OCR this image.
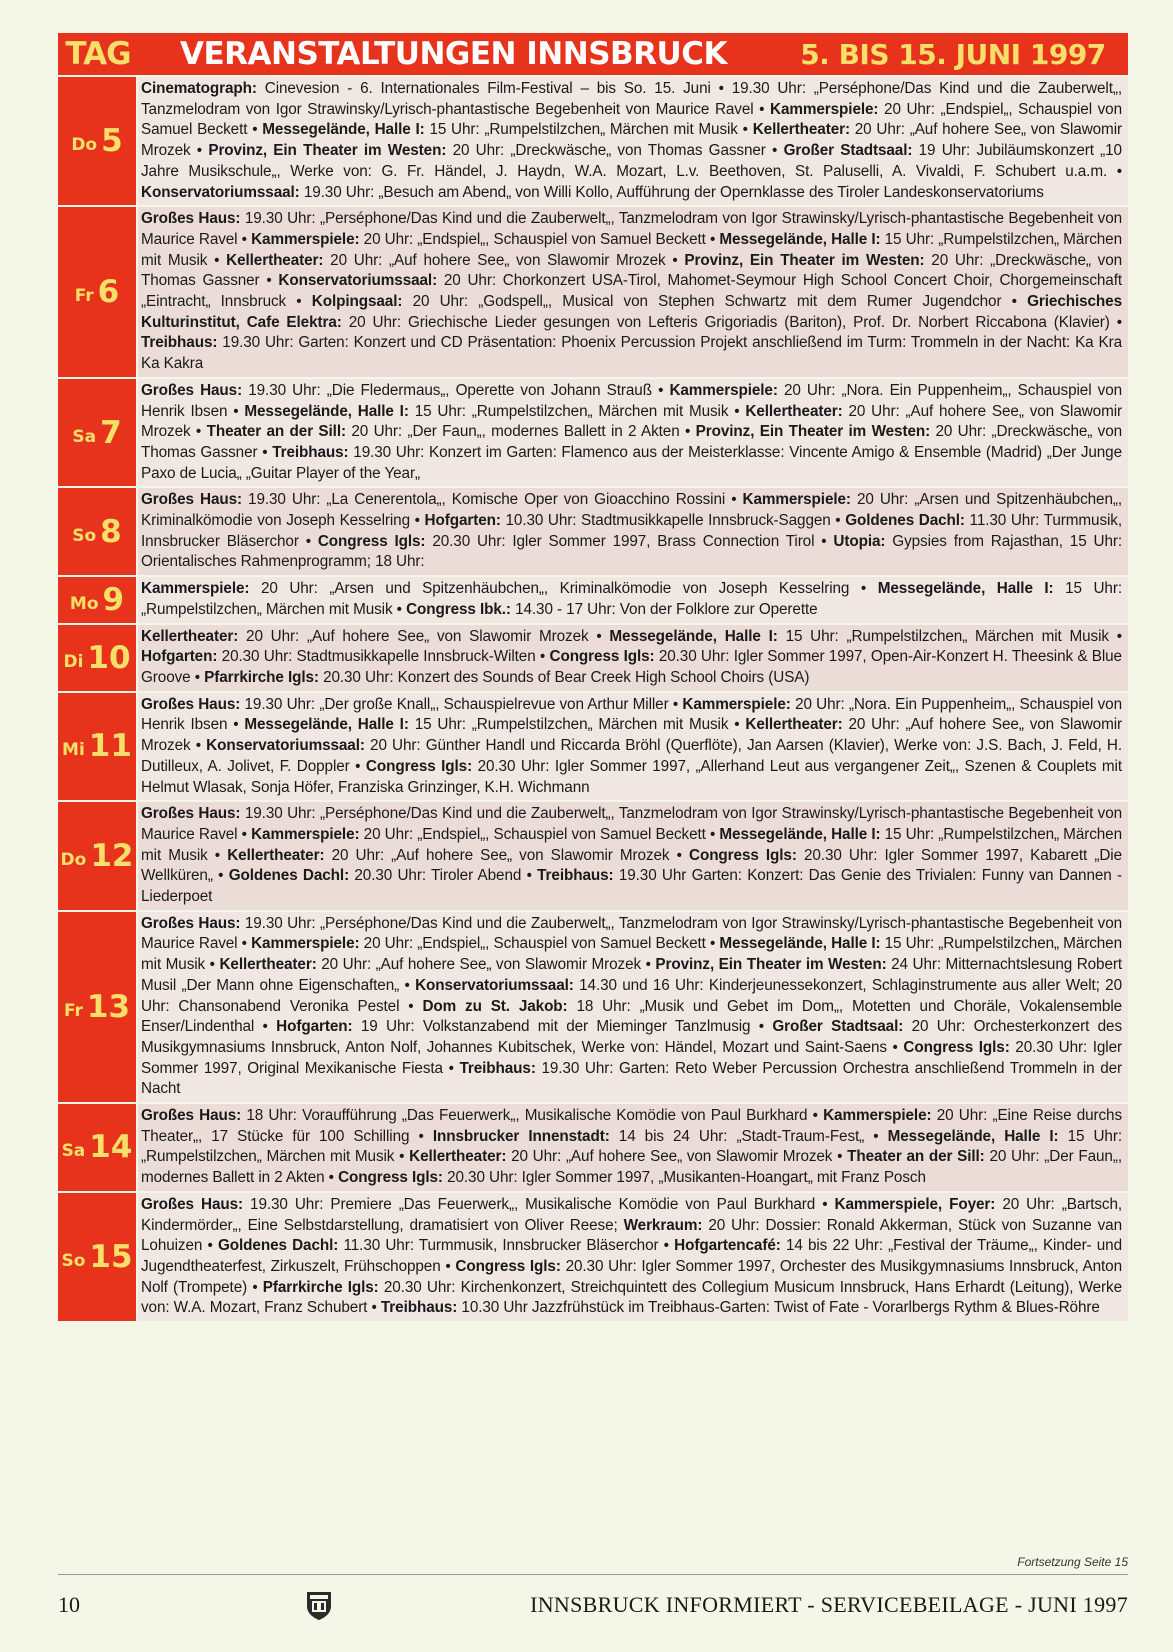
TAG	VERANSTALTUNGEN INNSBRUCK	5. BIS 15. JUNI 1997
Do 5
Cinematograph: Cinevesion - 6. Internationales Film-Festival – bis So. 15. Juni • 19.30 Uhr: „Perséphone/Das Kind und die Zauberwelt„, Tanzmelodram von Igor Strawinsky/Lyrisch-phantastische Begebenheit von Maurice Ravel • Kammerspiele: 20 Uhr: „Endspiel„, Schauspiel von Samuel Beckett • Messegelände, Halle I: 15 Uhr: „Rumpelstilzchen„ Märchen mit Musik • Kellertheater: 20 Uhr: „Auf hohere See„ von Slawomir Mrozek • Provinz, Ein Theater im Westen: 20 Uhr: „Dreckwäsche„ von Thomas Gassner • Großer Stadtsaal: 19 Uhr: Jubiläumskonzert „10 Jahre Musikschule„, Werke von: G. Fr. Händel, J. Haydn, W.A. Mozart, L.v. Beethoven, St. Paluselli, A. Vivaldi, F. Schubert u.a.m. • Konservatoriumssaal: 19.30 Uhr: „Besuch am Abend„ von Willi Kollo, Aufführung der Opernklasse des Tiroler Landeskonservatoriums
Fr 6
Großes Haus: 19.30 Uhr: „Perséphone/Das Kind und die Zauberwelt„, Tanzmelodram von Igor Strawinsky/Lyrisch-phantastische Begebenheit von Maurice Ravel • Kammerspiele: 20 Uhr: „Endspiel„, Schauspiel von Samuel Beckett • Messegelände, Halle I: 15 Uhr: „Rumpelstilzchen„ Märchen mit Musik • Kellertheater: 20 Uhr: „Auf hohere See„ von Slawomir Mrozek • Provinz, Ein Theater im Westen: 20 Uhr: „Dreckwäsche„ von Thomas Gassner • Konservatoriumssaal: 20 Uhr: Chorkonzert USA-Tirol, Mahomet-Seymour High School Concert Choir, Chorgemeinschaft „Eintracht„ Innsbruck • Kolpingsaal: 20 Uhr: „Godspell„, Musical von Stephen Schwartz mit dem Rumer Jugendchor • Griechisches Kulturinstitut, Cafe Elektra: 20 Uhr: Griechische Lieder gesungen von Lefteris Grigoriadis (Bariton), Prof. Dr. Norbert Riccabona (Klavier) • Treibhaus: 19.30 Uhr: Garten: Konzert und CD Präsentation: Phoenix Percussion Projekt anschließend im Turm: Trommeln in der Nacht: Ka Kra Ka Kakra
Sa 7
Großes Haus: 19.30 Uhr: „Die Fledermaus„, Operette von Johann Strauß • Kammerspiele: 20 Uhr: „Nora. Ein Puppenheim„, Schauspiel von Henrik Ibsen • Messegelände, Halle I: 15 Uhr: „Rumpelstilzchen„ Märchen mit Musik • Kellertheater: 20 Uhr: „Auf hohere See„ von Slawomir Mrozek • Theater an der Sill: 20 Uhr: „Der Faun„, modernes Ballett in 2 Akten • Provinz, Ein Theater im Westen: 20 Uhr: „Dreckwäsche„ von Thomas Gassner • Treibhaus: 19.30 Uhr: Konzert im Garten: Flamenco aus der Meisterklasse: Vincente Amigo & Ensemble (Madrid) „Der Junge Paxo de Lucia„ „Guitar Player of the Year„
So 8
Großes Haus: 19.30 Uhr: „La Cenerentola„, Komische Oper von Gioacchino Rossini • Kammerspiele: 20 Uhr: „Arsen und Spitzenhäubchen„, Kriminalkömodie von Joseph Kesselring • Hofgarten: 10.30 Uhr: Stadtmusikkapelle Innsbruck-Saggen • Goldenes Dachl: 11.30 Uhr: Turmmusik, Innsbrucker Bläserchor • Congress Igls: 20.30 Uhr: Igler Sommer 1997, Brass Connection Tirol • Utopia: Gypsies from Rajasthan, 15 Uhr: Orientalisches Rahmenprogramm; 18 Uhr:
Mo 9 Kammerspiele: 20 Uhr: „Arsen und Spitzenhäubchen„, Kriminalkömodie von Joseph Kesselring • Messegelände, Halle I: 15 Uhr: „Rumpelstilzchen„ Märchen mit Musik • Congress Ibk.: 14.30 - 17 Uhr: Von der Folklore zur Operette
Di 10
Kellertheater: 20 Uhr: „Auf hohere See„ von Slawomir Mrozek • Messegelände, Halle I: 15 Uhr: „Rumpelstilzchen„ Märchen mit Musik • Hofgarten: 20.30 Uhr: Stadtmusikkapelle Innsbruck-Wilten • Congress Igls: 20.30 Uhr: Igler Sommer 1997, Open-Air-Konzert H. Theesink & Blue Groove • Pfarrkirche Igls: 20.30 Uhr: Konzert des Sounds of Bear Creek High School Choirs (USA)
Mi 11
Großes Haus: 19.30 Uhr: „Der große Knall„, Schauspielrevue von Arthur Miller • Kammerspiele: 20 Uhr: „Nora. Ein Puppenheim„, Schauspiel von Henrik Ibsen • Messegelände, Halle I: 15 Uhr: „Rumpelstilzchen„ Märchen mit Musik • Kellertheater: 20 Uhr: „Auf hohere See„ von Slawomir Mrozek • Konservatoriumssaal: 20 Uhr: Günther Handl und Riccarda Bröhl (Querflöte), Jan Aarsen (Klavier), Werke von: J.S. Bach, J. Feld, H. Dutilleux, A. Jolivet, F. Doppler • Congress Igls: 20.30 Uhr: Igler Sommer 1997, „Allerhand Leut aus vergangener Zeit„, Szenen & Couplets mit Helmut Wlasak, Sonja Höfer, Franziska Grinzinger, K.H. Wichmann
Do 12
Großes Haus: 19.30 Uhr: „Perséphone/Das Kind und die Zauberwelt„, Tanzmelodram von Igor Strawinsky/Lyrisch-phantastische Begebenheit von Maurice Ravel • Kammerspiele: 20 Uhr: „Endspiel„, Schauspiel von Samuel Beckett • Messegelände, Halle I: 15 Uhr: „Rumpelstilzchen„ Märchen mit Musik • Kellertheater: 20 Uhr: „Auf hohere See„ von Slawomir Mrozek • Congress Igls: 20.30 Uhr: Igler Sommer 1997, Kabarett „Die Wellküren„ • Goldenes Dachl: 20.30 Uhr: Tiroler Abend • Treibhaus: 19.30 Uhr Garten: Konzert: Das Genie des Trivialen: Funny van Dannen - Liederpoet
Fr 13
Großes Haus: 19.30 Uhr: „Perséphone/Das Kind und die Zauberwelt„, Tanzmelodram von Igor Strawinsky/Lyrisch-phantastische Begebenheit von Maurice Ravel • Kammerspiele: 20 Uhr: „Endspiel„, Schauspiel von Samuel Beckett • Messegelände, Halle I: 15 Uhr: „Rumpelstilzchen„ Märchen mit Musik • Kellertheater: 20 Uhr: „Auf hohere See„ von Slawomir Mrozek • Provinz, Ein Theater im Westen: 24 Uhr: Mitternachtslesung Robert Musil „Der Mann ohne Eigenschaften„ • Konservatoriumssaal: 14.30 und 16 Uhr: Kinderjeunessekonzert, Schlaginstrumente aus aller Welt; 20 Uhr: Chansonabend Veronika Pestel • Dom zu St. Jakob: 18 Uhr: „Musik und Gebet im Dom„, Motetten und Choräle, Vokalensemble Enser/Lindenthal • Hofgarten: 19 Uhr: Volkstanzabend mit der Mieminger Tanzlmusig • Großer Stadtsaal: 20 Uhr: Orchesterkonzert des Musikgymnasiums Innsbruck, Anton Nolf, Johannes Kubitschek, Werke von: Händel, Mozart und Saint-Saens • Congress Igls: 20.30 Uhr: Igler Sommer 1997, Original Mexikanische Fiesta • Treibhaus: 19.30 Uhr: Garten: Reto Weber Percussion Orchestra anschließend Trommeln in der Nacht
Sa 14
Großes Haus: 18 Uhr: Voraufführung „Das Feuerwerk„, Musikalische Komödie von Paul Burkhard • Kammerspiele: 20 Uhr: „Eine Reise durchs Theater„, 17 Stücke für 100 Schilling • Innsbrucker Innenstadt: 14 bis 24 Uhr: „Stadt-Traum-Fest„ • Messegelände, Halle I: 15 Uhr: „Rumpelstilzchen„ Märchen mit Musik • Kellertheater: 20 Uhr: „Auf hohere See„ von Slawomir Mrozek • Theater an der Sill: 20 Uhr: „Der Faun„, modernes Ballett in 2 Akten • Congress Igls: 20.30 Uhr: Igler Sommer 1997, „Musikanten-Hoangart„ mit Franz Posch
So 15
Großes Haus: 19.30 Uhr: Premiere „Das Feuerwerk„, Musikalische Komödie von Paul Burkhard • Kammerspiele, Foyer: 20 Uhr: „Bartsch, Kindermörder„, Eine Selbstdarstellung, dramatisiert von Oliver Reese; Werkraum: 20 Uhr: Dossier: Ronald Akkerman, Stück von Suzanne van Lohuizen • Goldenes Dachl: 11.30 Uhr: Turmmusik, Innsbrucker Bläserchor • Hofgartencafé: 14 bis 22 Uhr: „Festival der Träume„, Kinder- und Jugendtheaterfest, Zirkuszelt, Frühschoppen • Congress Igls: 20.30 Uhr: Igler Sommer 1997, Orchester des Musikgymnasiums Innsbruck, Anton Nolf (Trompete) • Pfarrkirche Igls: 20.30 Uhr: Kirchenkonzert, Streichquintett des Collegium Musicum Innsbruck, Hans Erhardt (Leitung), Werke von: W.A. Mozart, Franz Schubert • Treibhaus: 10.30 Uhr Jazzfrühstück im Treibhaus-Garten: Twist of Fate - Vorarlbergs Rythm & Blues-Röhre
Fortsetzung Seite 15
10	INNSBRUCK INFORMIERT - SERVICEBEILAGE - JUNI 1997
